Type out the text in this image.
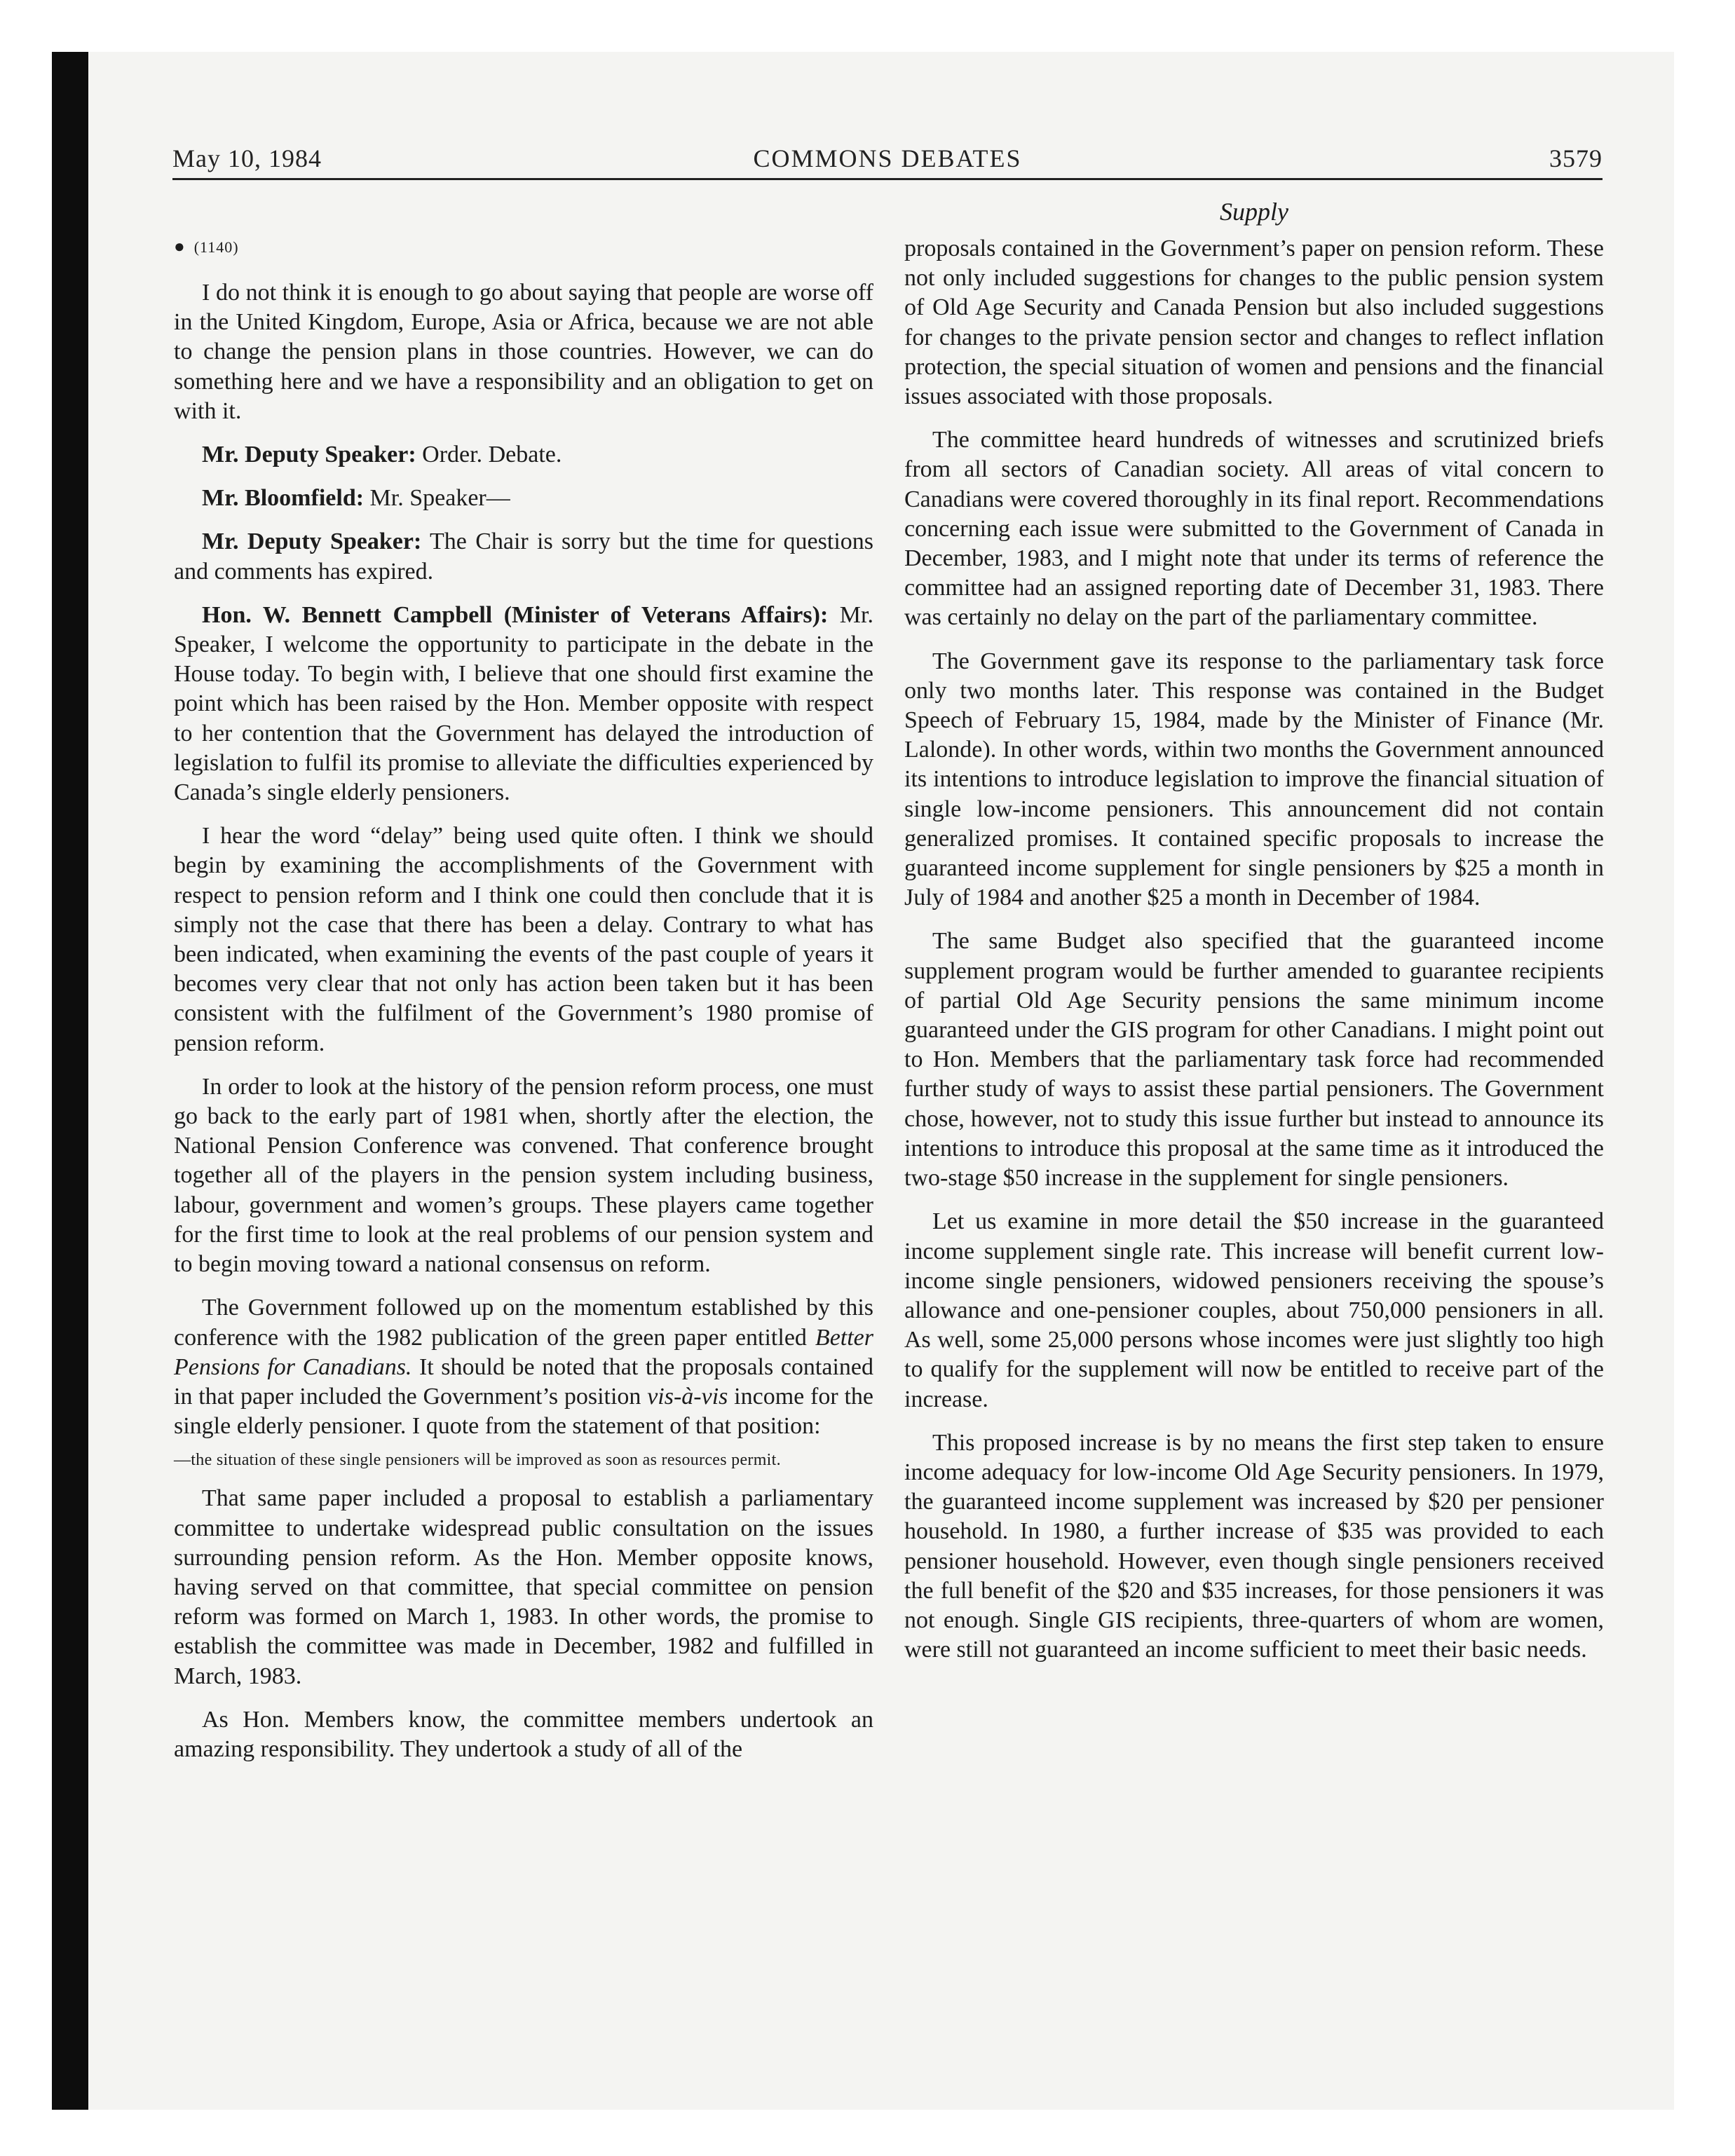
May 10, 1984	COMMONS DEBATES	3579
● (1140)

I do not think it is enough to go about saying that people are worse off in the United Kingdom, Europe, Asia or Africa, because we are not able to change the pension plans in those countries. However, we can do something here and we have a responsibility and an obligation to get on with it.

Mr. Deputy Speaker: Order. Debate.

Mr. Bloomfield: Mr. Speaker—

Mr. Deputy Speaker: The Chair is sorry but the time for questions and comments has expired.

Hon. W. Bennett Campbell (Minister of Veterans Affairs): Mr. Speaker, I welcome the opportunity to participate in the debate in the House today. To begin with, I believe that one should first examine the point which has been raised by the Hon. Member opposite with respect to her contention that the Government has delayed the introduction of legislation to fulfil its promise to alleviate the difficulties experienced by Canada’s single elderly pensioners.

I hear the word “delay” being used quite often. I think we should begin by examining the accomplishments of the Government with respect to pension reform and I think one could then conclude that it is simply not the case that there has been a delay. Contrary to what has been indicated, when examining the events of the past couple of years it becomes very clear that not only has action been taken but it has been consistent with the fulfilment of the Government’s 1980 promise of pension reform.

In order to look at the history of the pension reform process, one must go back to the early part of 1981 when, shortly after the election, the National Pension Conference was convened. That conference brought together all of the players in the pension system including business, labour, government and women’s groups. These players came together for the first time to look at the real problems of our pension system and to begin moving toward a national consensus on reform.

The Government followed up on the momentum established by this conference with the 1982 publication of the green paper entitled Better Pensions for Canadians. It should be noted that the proposals contained in that paper included the Government’s position vis-à-vis income for the single elderly pensioner. I quote from the statement of that position:

—the situation of these single pensioners will be improved as soon as resources permit.

That same paper included a proposal to establish a parliamentary committee to undertake widespread public consultation on the issues surrounding pension reform. As the Hon. Member opposite knows, having served on that committee, that special committee on pension reform was formed on March 1, 1983. In other words, the promise to establish the committee was made in December, 1982 and fulfilled in March, 1983.

As Hon. Members know, the committee members undertook an amazing responsibility. They undertook a study of all of the

Supply

proposals contained in the Government’s paper on pension reform. These not only included suggestions for changes to the public pension system of Old Age Security and Canada Pension but also included suggestions for changes to the private pension sector and changes to reflect inflation protection, the special situation of women and pensions and the financial issues associated with those proposals.

The committee heard hundreds of witnesses and scrutinized briefs from all sectors of Canadian society. All areas of vital concern to Canadians were covered thoroughly in its final report. Recommendations concerning each issue were submitted to the Government of Canada in December, 1983, and I might note that under its terms of reference the committee had an assigned reporting date of December 31, 1983. There was certainly no delay on the part of the parliamentary committee.

The Government gave its response to the parliamentary task force only two months later. This response was contained in the Budget Speech of February 15, 1984, made by the Minister of Finance (Mr. Lalonde). In other words, within two months the Government announced its intentions to introduce legislation to improve the financial situation of single low-income pensioners. This announcement did not contain generalized promises. It contained specific proposals to increase the guaranteed income supplement for single pensioners by $25 a month in July of 1984 and another $25 a month in December of 1984.

The same Budget also specified that the guaranteed income supplement program would be further amended to guarantee recipients of partial Old Age Security pensions the same minimum income guaranteed under the GIS program for other Canadians. I might point out to Hon. Members that the parliamentary task force had recommended further study of ways to assist these partial pensioners. The Government chose, however, not to study this issue further but instead to announce its intentions to introduce this proposal at the same time as it introduced the two-stage $50 increase in the supplement for single pensioners.

Let us examine in more detail the $50 increase in the guaranteed income supplement single rate. This increase will benefit current low-income single pensioners, widowed pensioners receiving the spouse’s allowance and one-pensioner couples, about 750,000 pensioners in all. As well, some 25,000 persons whose incomes were just slightly too high to qualify for the supplement will now be entitled to receive part of the increase.

This proposed increase is by no means the first step taken to ensure income adequacy for low-income Old Age Security pensioners. In 1979, the guaranteed income supplement was increased by $20 per pensioner household. In 1980, a further increase of $35 was provided to each pensioner household. However, even though single pensioners received the full benefit of the $20 and $35 increases, for those pensioners it was not enough. Single GIS recipients, three-quarters of whom are women, were still not guaranteed an income sufficient to meet their basic needs.
